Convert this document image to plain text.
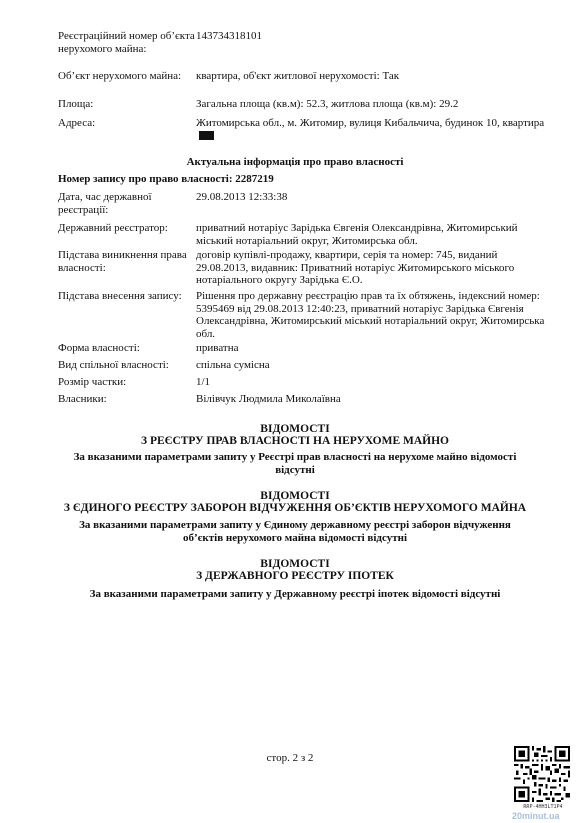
Реєстраційний номер об’єкта нерухомого майна:
143734318101
Об’єкт нерухомого майна:	квартира, об'єкт житлової нерухомості: Так
Площа:	Загальна площа (кв.м): 52.3, житлова площа (кв.м): 29.2
Адреса:	Житомирська обл., м. Житомир, вулиця Кибальчича, будинок 10, квартира
Актуальна інформація про право власності
Номер запису про право власності: 2287219
Дата, час державної реєстрації:
29.08.2013 12:33:38
Державний реєстратор:	приватний нотаріус Зарідька Євгенія Олександрівна, Житомирський міський нотаріальний округ, Житомирська обл.
Підстава виникнення права власності:
договір купівлі-продажу, квартири, серія та номер: 745, виданий 29.08.2013, видавник: Приватний нотаріус Житомирського міського нотаріального округу Зарідька Є.О.
Підстава внесення запису:	Рішення про державну реєстрацію прав та їх обтяжень, індексний номер: 5395469 від 29.08.2013 12:40:23, приватний нотаріус Зарідька Євгенія Олександрівна, Житомирський міський нотаріальний округ, Житомирська обл.
Форма власності:	приватна
Вид спільної власності:	спільна сумісна
Розмір частки:	1/1
Власники:	Вілівчук Людмила Миколаївна
ВІДОМОСТІ
З РЕЄСТРУ ПРАВ ВЛАСНОСТІ НА НЕРУХОМЕ МАЙНО
За вказаними параметрами запиту у Реєстрі прав власності на нерухоме майно відомості відсутні
ВІДОМОСТІ
З ЄДИНОГО РЕЄСТРУ ЗАБОРОН ВІДЧУЖЕННЯ ОБ’ЄКТІВ НЕРУХОМОГО МАЙНА
За вказаними параметрами запиту у Єдиному державному реєстрі заборон відчуження об’єктів нерухомого майна відомості відсутні
ВІДОМОСТІ
З ДЕРЖАВНОГО РЕЄСТРУ ІПОТЕК
За вказаними параметрами запиту у Державному реєстрі іпотек відомості відсутні
стор. 2 з 2
RRP-4HH3LT1P4
20minut.ua
